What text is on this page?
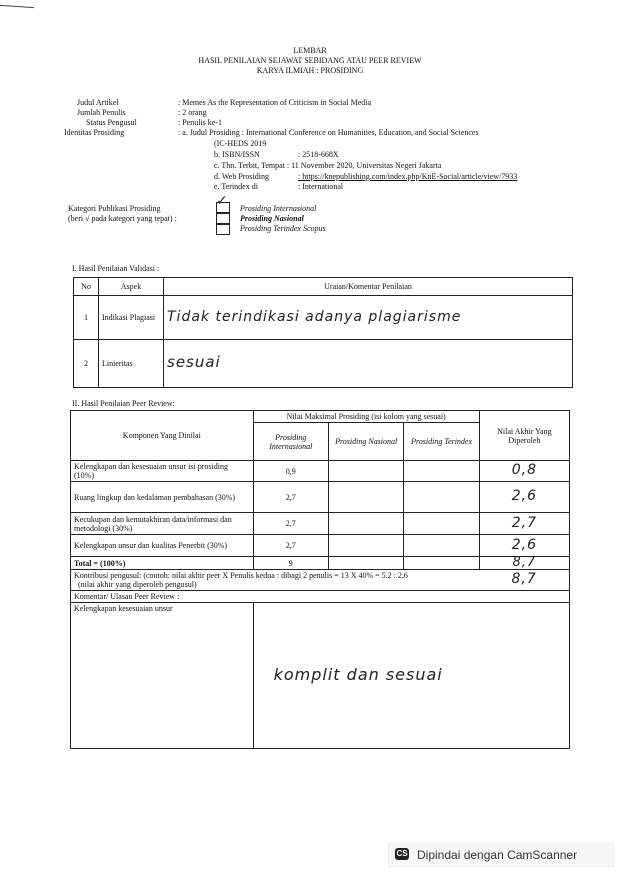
LEMBAR
HASIL PENILAIAN SEJAWAT SEBIDANG ATAU PEER REVIEW
KARYA ILMIAH : PROSIDING
Judul Artikel	: Memes As the Representation of Criticism in Social Media
Jumlah Penulis	: 2 orang
Status Pengusul	: Penulis ke-1
Identitas Prosiding	: a. Judul Prosiding : International Conference on Humanities, Education, and Social Sciences
(IC-HEDS 2019
b. ISBN/ISSN	: 2518-668X
c. Thn. Terbit, Tempat : 11 November 2020, Universitas Negeri Jakarta
d. Web Prosiding	: https://knepublishing.com/index.php/KnE-Social/article/view/7933
e. Terindex di	: International
Kategori Publikasi Prosiding
(beri √ pada kategori yang tepat) :
✓ Prosiding Internasional
Prosiding Nasional
Prosiding Terindex Scopus
I. Hasil Penilaian Validasi :
No	Aspek	Uraian/Komentar Penilaian
1	Indikasi Plagiasi	Tidak terindikasi adanya plagiarisme
2	Linieritas	sesuai
II. Hasil Penilaian Peer Review:
Komponen Yang Dinilai	Nilai Maksimal Prosiding (isi kolom yang sesuai)			Nilai Akhir Yang Diperoleh
	Prosiding Internasional	Prosiding Nasional	Prosiding Terindex	
Kelengkapan dan kesesuaian unsur isi prosiding (10%)	0,9			0,8
Ruang lingkup dan kedalaman pembahasan (30%)	2,7			2,6
Kecukupan dan kemutakhiran data/informasi dan metodologi (30%)	2,7			2,7
Kelengkapan unsur dan kualitas Penerbit (30%)	2,7			2,6
Total = (100%)	9			8,7

Kontribusi pengusul: (contoh: nilai akhir peer X Penulis kedua : dibagi 2 penulis = 13 X 40% = 5.2 : 2.6
(nilai akhir yang diperoleh pengusul)				8,7
Komentar/ Ulasan Peer Review :				
Kelengkapan kesesuaian unsur	komplit dan sesuai			
CS Dipindai dengan CamScanner
